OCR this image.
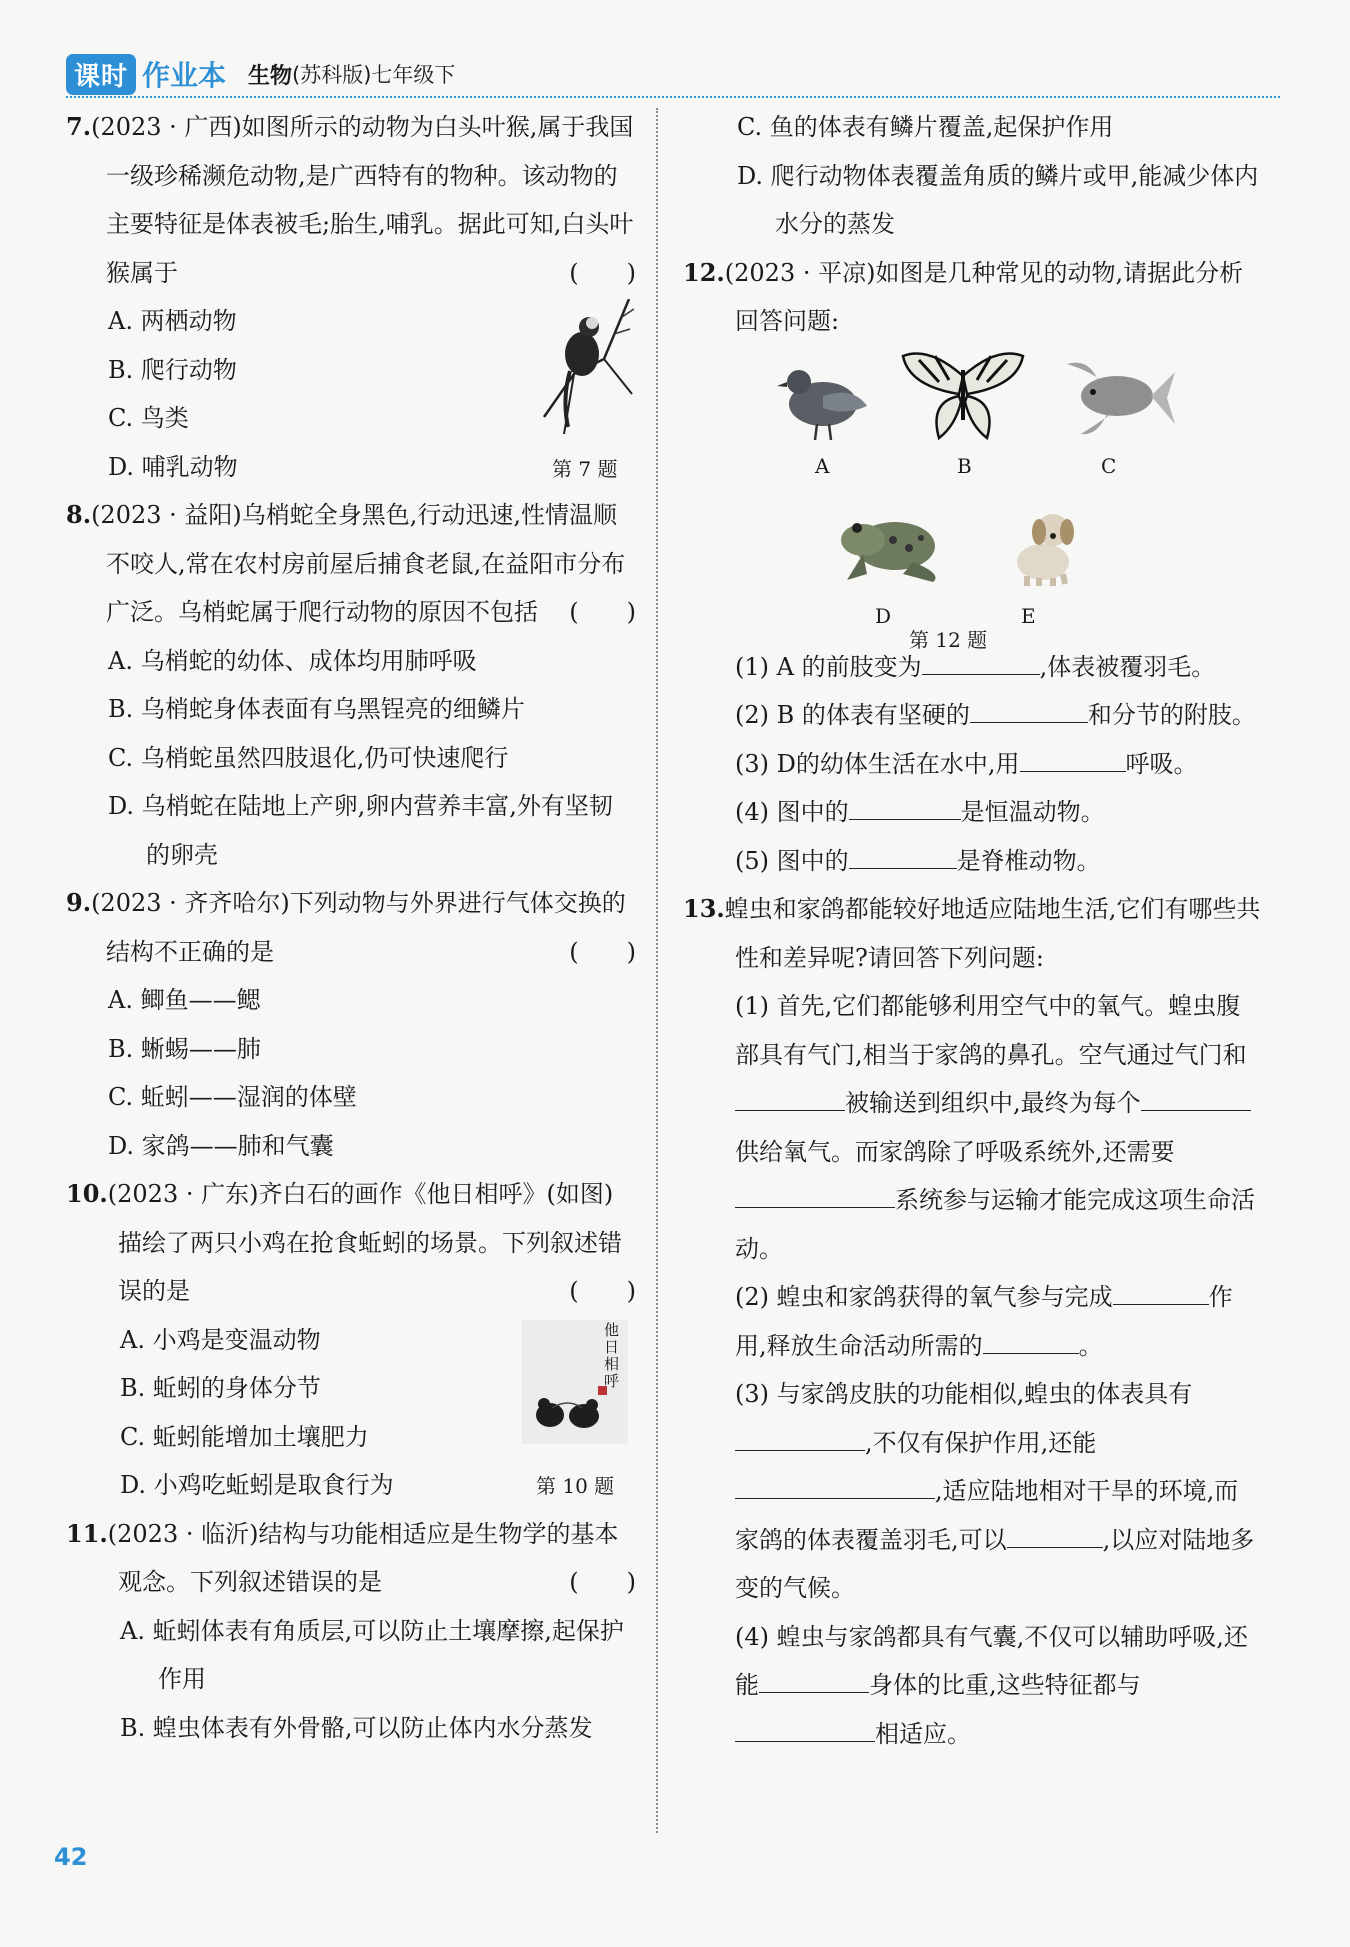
课时 作业本 生物 (苏科版)七年级下
7.(2023 · 广西)如图所示的动物为白头叶猴,属于我国一级珍稀濒危动物,是广西特有的物种。该动物的主要特征是体表被毛;胎生,哺乳。据此可知,白头叶猴属于	(　　)
A. 两栖动物
B. 爬行动物
C. 鸟类
D. 哺乳动物	第 7 题
8.(2023 · 益阳)乌梢蛇全身黑色,行动迅速,性情温顺不咬人,常在农村房前屋后捕食老鼠,在益阳市分布广泛。乌梢蛇属于爬行动物的原因不包括 (　　)
A. 乌梢蛇的幼体、成体均用肺呼吸
B. 乌梢蛇身体表面有乌黑锃亮的细鳞片
C. 乌梢蛇虽然四肢退化,仍可快速爬行
D. 乌梢蛇在陆地上产卵,卵内营养丰富,外有坚韧的卵壳
9.(2023 · 齐齐哈尔)下列动物与外界进行气体交换的结构不正确的是	(　　)
A. 鲫鱼——鳃
B. 蜥蜴——肺
C. 蚯蚓——湿润的体壁
D. 家鸽——肺和气囊
10.(2023 · 广东)齐白石的画作《他日相呼》(如图)描绘了两只小鸡在抢食蚯蚓的场景。下列叙述错误的是	(　　)
A. 小鸡是变温动物
B. 蚯蚓的身体分节
C. 蚯蚓能增加土壤肥力
D. 小鸡吃蚯蚓是取食行为
他日相呼
第 10 题
11.(2023 · 临沂)结构与功能相适应是生物学的基本观念。下列叙述错误的是	(　　)
A. 蚯蚓体表有角质层,可以防止土壤摩擦,起保护作用
B. 蝗虫体表有外骨骼,可以防止体内水分蒸发
C. 鱼的体表有鳞片覆盖,起保护作用
D. 爬行动物体表覆盖角质的鳞片或甲,能减少体内水分的蒸发
12.(2023 · 平凉)如图是几种常见的动物,请据此分析回答问题:
A	B	C
D	E
第 12 题
(1) A 的前肢变为	,体表被覆羽毛。
(2) B 的体表有坚硬的	和分节的附肢。
(3) D的幼体生活在水中,用	呼吸。
(4) 图中的	是恒温动物。
(5) 图中的	是脊椎动物。
13.蝗虫和家鸽都能较好地适应陆地生活,它们有哪些共性和差异呢?请回答下列问题:
(1) 首先,它们都能够利用空气中的氧气。蝗虫腹部具有气门,相当于家鸽的鼻孔。空气通过气门和被输送到组织中,最终为每个供给氧气。而家鸽除了呼吸系统外,还需要系统参与运输才能完成这项生命活动。
(2) 蝗虫和家鸽获得的氧气参与完成	作用,释放生命活动所需的	。
(3) 与家鸽皮肤的功能相似,蝗虫的体表具有,不仅有保护作用,还能,适应陆地相对干旱的环境,而家鸽的体表覆盖羽毛,可以	,以应对陆地多变的气候。
(4) 蝗虫与家鸽都具有气囊,不仅可以辅助呼吸,还能	身体的比重,这些特征都与相适应。
42
